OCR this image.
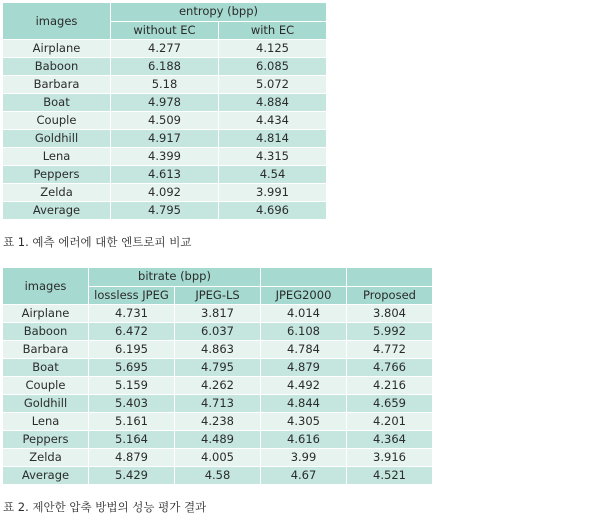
images	entropy (bpp)	
	without EC	with EC
Airplane	4.277	4.125
Baboon	6.188	6.085
Barbara	5.18	5.072
Boat	4.978	4.884
Couple	4.509	4.434
Goldhill	4.917	4.814
Lena	4.399	4.315
Peppers	4.613	4.54
Zelda	4.092	3.991
Average	4.795	4.696
표 1. 예측 에러에 대한 엔트로피 비교
images	bitrate (bpp)			
	lossless JPEG	JPEG-LS	JPEG2000	Proposed
Airplane	4.731	3.817	4.014	3.804
Baboon	6.472	6.037	6.108	5.992
Barbara	6.195	4.863	4.784	4.772
Boat	5.695	4.795	4.879	4.766
Couple	5.159	4.262	4.492	4.216
Goldhill	5.403	4.713	4.844	4.659
Lena	5.161	4.238	4.305	4.201
Peppers	5.164	4.489	4.616	4.364
Zelda	4.879	4.005	3.99	3.916
Average	5.429	4.58	4.67	4.521
표 2. 제안한 압축 방법의 성능 평가 결과
